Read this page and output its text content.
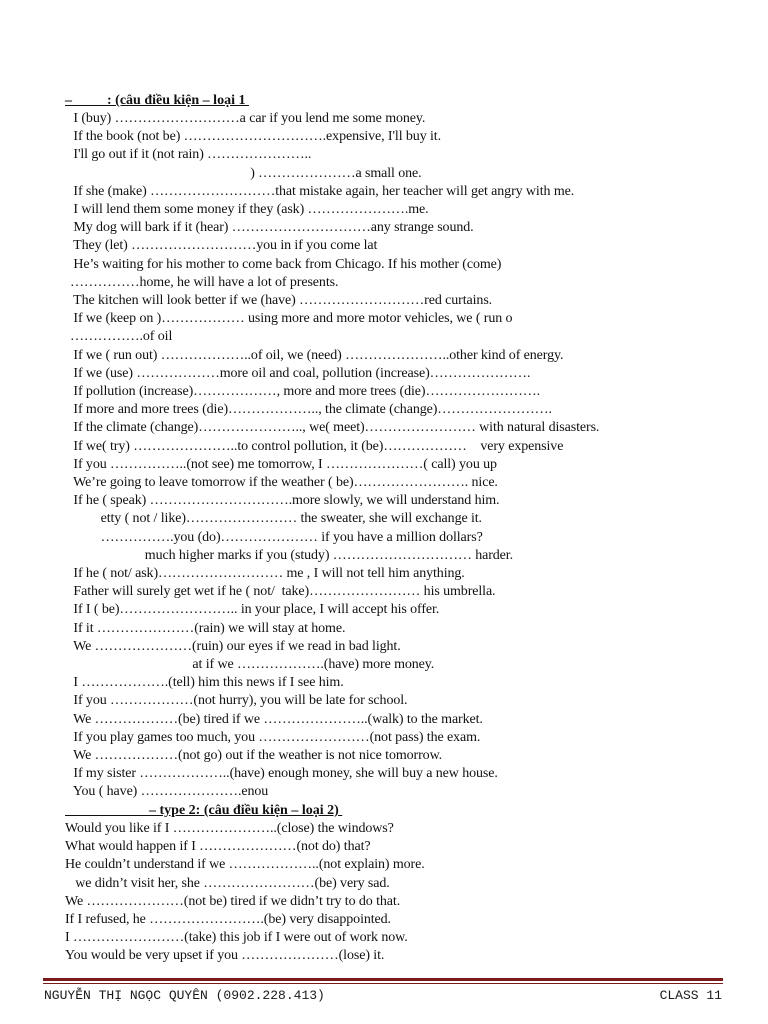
–          : (câu điều kiện – loại 1
I (buy) ………………………a car if you lend me some money.
If the book (not be) ………………………….expensive, I'll buy it.
I'll go out if it (not rain) …………………..
) …………………a small one.
If she (make) ………………………that mistake again, her teacher will get angry with me.
I will lend them some money if they (ask) ………………….me.
My dog will bark if it (hear) …………………………any strange sound.
They (let) ………………………you in if you come lat
He’s waiting for his mother to come back from Chicago. If his mother (come)
……………home, he will have a lot of presents.
The kitchen will look better if we (have) ………………………red curtains.
If we (keep on )……………… using more and more motor vehicles, we ( run o
…………….of oil
If we ( run out) ………………..of oil, we (need) …………………..other kind of energy.
If we (use) ………………more oil and coal, pollution (increase)………………….
If pollution (increase)………………, more and more trees (die)…………………….
If more and more trees (die)……………….., the climate (change)…………………….
If the climate (change)………………….., we( meet)…………………… with natural disasters.
If we( try) …………………..to control pollution, it (be)………………    very expensive
If you ……………..(not see) me tomorrow, I …………………( call) you up
We’re going to leave tomorrow if the weather ( be)……………………. nice.
If he ( speak) ………………………….more slowly, we will understand him.
etty ( not / like)…………………… the sweater, she will exchange it.
…………….you (do)………………… if you have a million dollars?
much higher marks if you (study) ………………………… harder.
If he ( not/ ask)……………………… me , I will not tell him anything.
Father will surely get wet if he ( not/  take)…………………… his umbrella.
If I ( be)…………………….. in your place, I will accept his offer.
If it …………………(rain) we will stay at home.
We …………………(ruin) our eyes if we read in bad light.
at if we ……………….(have) more money.
I ……………….(tell) him this news if I see him.
If you ………………(not hurry), you will be late for school.
We ………………(be) tired if we …………………..(walk) to the market.
If you play games too much, you ……………………(not pass) the exam.
We ………………(not go) out if the weather is not nice tomorrow.
If my sister ………………..(have) enough money, she will buy a new house.
You ( have) ………………….enou
– type 2: (câu điều kiện – loại 2)
Would you like if I …………………..(close) the windows?
What would happen if I …………………(not do) that?
He couldn’t understand if we ………………..(not explain) more.
we didn’t visit her, she ……………………(be) very sad.
We …………………(not be) tired if we didn’t try to do that.
If I refused, he …………………….(be) very disappointed.
I ……………………(take) this job if I were out of work now.
You would be very upset if you …………………(lose) it.
NGUYỄN THỊ NGỌC QUYÊN (0902.228.413)	CLASS 11
